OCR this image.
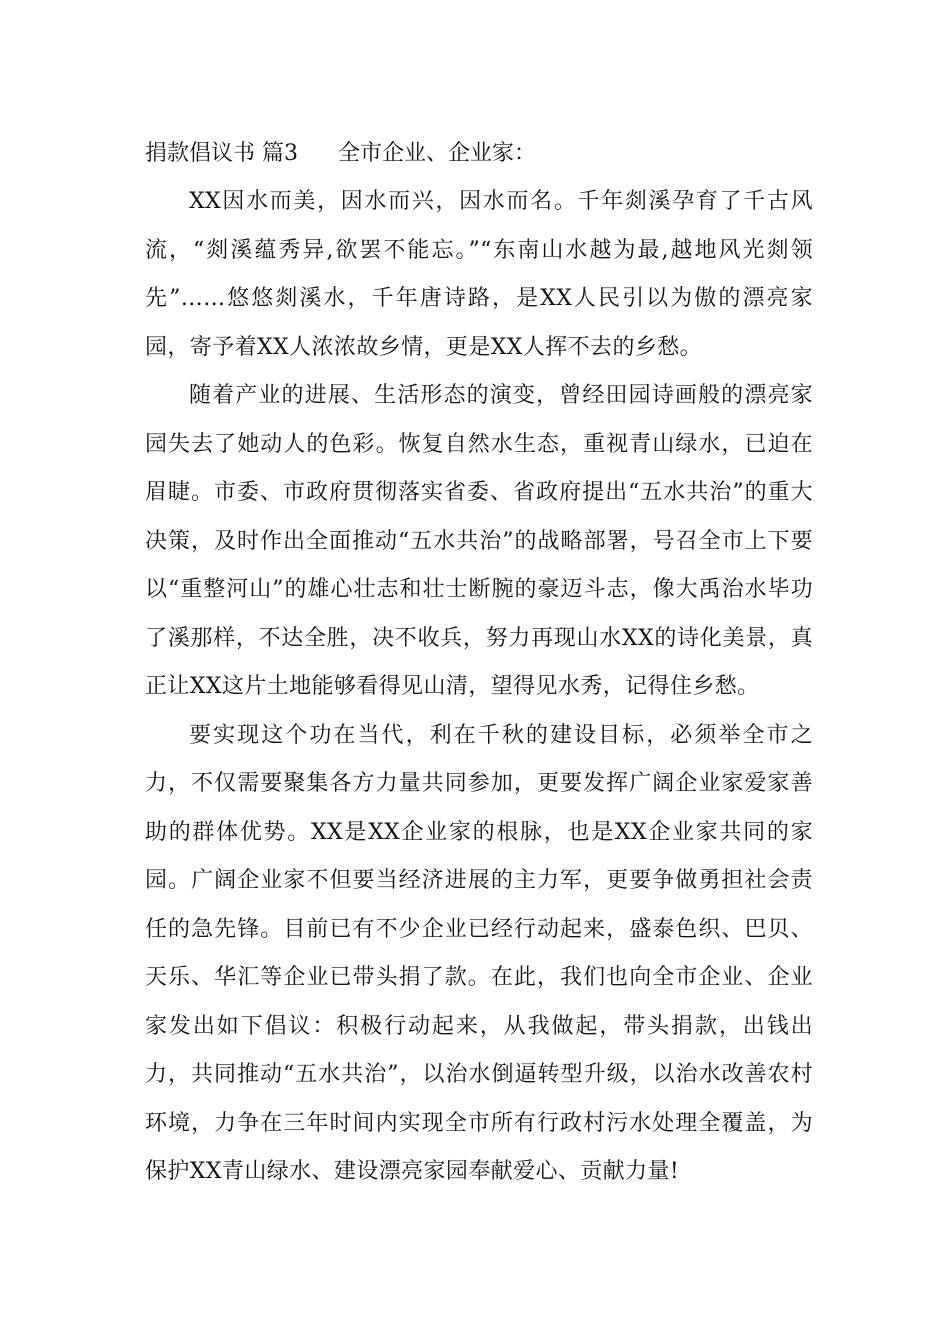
捐款倡议书 篇3 全市企业、企业家：

XX因水而美，因水而兴，因水而名。千年剡溪孕育了千古风流，“剡溪蕴秀异,欲罢不能忘。”“东南山水越为最,越地风光剡领先”……悠悠剡溪水，千年唐诗路，是XX人民引以为傲的漂亮家园，寄予着XX人浓浓故乡情，更是XX人挥不去的乡愁。

随着产业的进展、生活形态的演变，曾经田园诗画般的漂亮家园失去了她动人的色彩。恢复自然水生态，重视青山绿水，已迫在眉睫。市委、市政府贯彻落实省委、省政府提出“五水共治”的重大决策，及时作出全面推动“五水共治”的战略部署，号召全市上下要以“重整河山”的雄心壮志和壮士断腕的豪迈斗志，像大禹治水毕功了溪那样，不达全胜，决不收兵，努力再现山水XX的诗化美景，真正让XX这片土地能够看得见山清，望得见水秀，记得住乡愁。

要实现这个功在当代，利在千秋的建设目标，必须举全市之力，不仅需要聚集各方力量共同参加，更要发挥广阔企业家爱家善助的群体优势。XX是XX企业家的根脉，也是XX企业家共同的家园。广阔企业家不但要当经济进展的主力军，更要争做勇担社会责任的急先锋。目前已有不少企业已经行动起来，盛泰色织、巴贝、天乐、华汇等企业已带头捐了款。在此，我们也向全市企业、企业家发出如下倡议：积极行动起来，从我做起，带头捐款，出钱出力，共同推动“五水共治”，以治水倒逼转型升级，以治水改善农村环境，力争在三年时间内实现全市所有行政村污水处理全覆盖，为保护XX青山绿水、建设漂亮家园奉献爱心、贡献力量!
